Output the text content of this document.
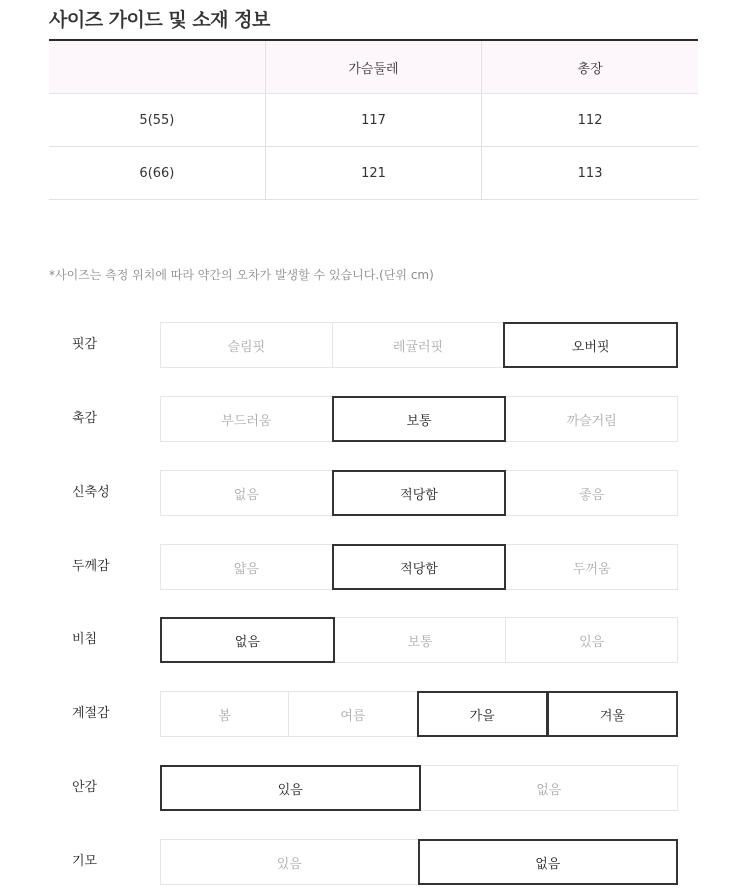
사이즈 가이드 및 소재 정보
	가슴둘레	총장
5(55)	117	112
6(66)	121	113
*사이즈는 측정 위치에 따라 약간의 오차가 발생할 수 있습니다.(단위 cm)
핏감	슬림핏	레귤러핏	오버핏
촉감	부드러움	보통	까슬거림
신축성	없음	적당함	좋음
두께감	얇음	적당함	두꺼움
비침	없음	보통	있음
계절감	봄	여름	가을	겨울
안감	있음	없음
기모	있음	없음
